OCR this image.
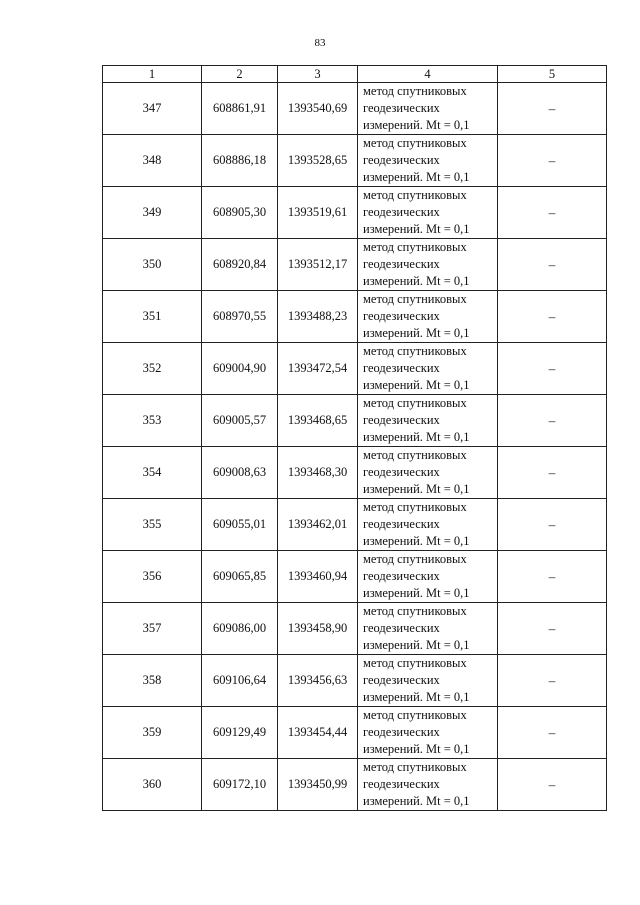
83
1	2	3	4	5
347	608861,91	1393540,69	метод спутниковых
геодезических
измерений. Mt = 0,1	–
348	608886,18	1393528,65	метод спутниковых
геодезических
измерений. Mt = 0,1	–
349	608905,30	1393519,61	метод спутниковых
геодезических
измерений. Mt = 0,1	–
350	608920,84	1393512,17	метод спутниковых
геодезических
измерений. Mt = 0,1	–
351	608970,55	1393488,23	метод спутниковых
геодезических
измерений. Mt = 0,1	–
352	609004,90	1393472,54	метод спутниковых
геодезических
измерений. Mt = 0,1	–
353	609005,57	1393468,65	метод спутниковых
геодезических
измерений. Mt = 0,1	–
354	609008,63	1393468,30	метод спутниковых
геодезических
измерений. Mt = 0,1	–
355	609055,01	1393462,01	метод спутниковых
геодезических
измерений. Mt = 0,1	–
356	609065,85	1393460,94	метод спутниковых
геодезических
измерений. Mt = 0,1	–
357	609086,00	1393458,90	метод спутниковых
геодезических
измерений. Mt = 0,1	–
358	609106,64	1393456,63	метод спутниковых
геодезических
измерений. Mt = 0,1	–
359	609129,49	1393454,44	метод спутниковых
геодезических
измерений. Mt = 0,1	–
360	609172,10	1393450,99	метод спутниковых
геодезических
измерений. Mt = 0,1	–
